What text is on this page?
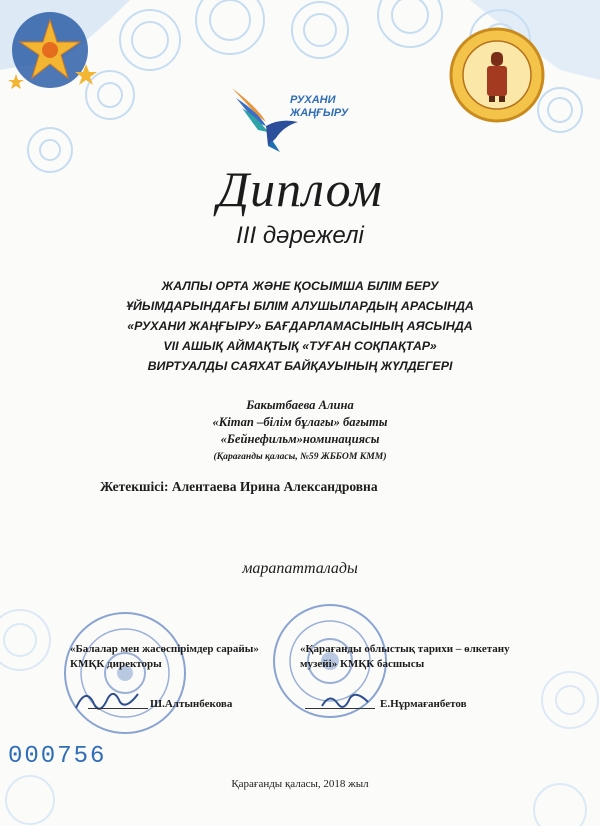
РУХАНИ
ЖАҢҒЫРУ
Диплом
III дәрежелі
ЖАЛПЫ ОРТА ЖӘНЕ ҚОСЫМША БІЛІМ БЕРУ
ҰЙЫМДАРЫНДАҒЫ БІЛІМ АЛУШЫЛАРДЫҢ АРАСЫНДА
«РУХАНИ ЖАҢҒЫРУ» БАҒДАРЛАМАСЫНЫҢ АЯСЫНДА
VII АШЫҚ АЙМАҚТЫҚ «ТУҒАН СОҚПАҚТАР»
ВИРТУАЛДЫ САЯХАТ БАЙҚАУЫНЫҢ ЖҮЛДЕГЕРІ
Бакытбаева Алина
«Кітап –білім бұлағы» бағыты
«Бейнефильм»номинациясы
(Қарағанды қаласы, №59 ЖББОМ КММ)
Жетекшісі: Алентаева Ирина Александровна
марапатталады
«Балалар мен жасөспірімдер сарайы»
КМҚК директоры
«Қарағанды облыстық тарихи – өлкетану
музейі» КМҚК басшысы
Ш.Алтынбекова	Е.Нұрмағанбетов
000756
Қарағанды қаласы, 2018 жыл
